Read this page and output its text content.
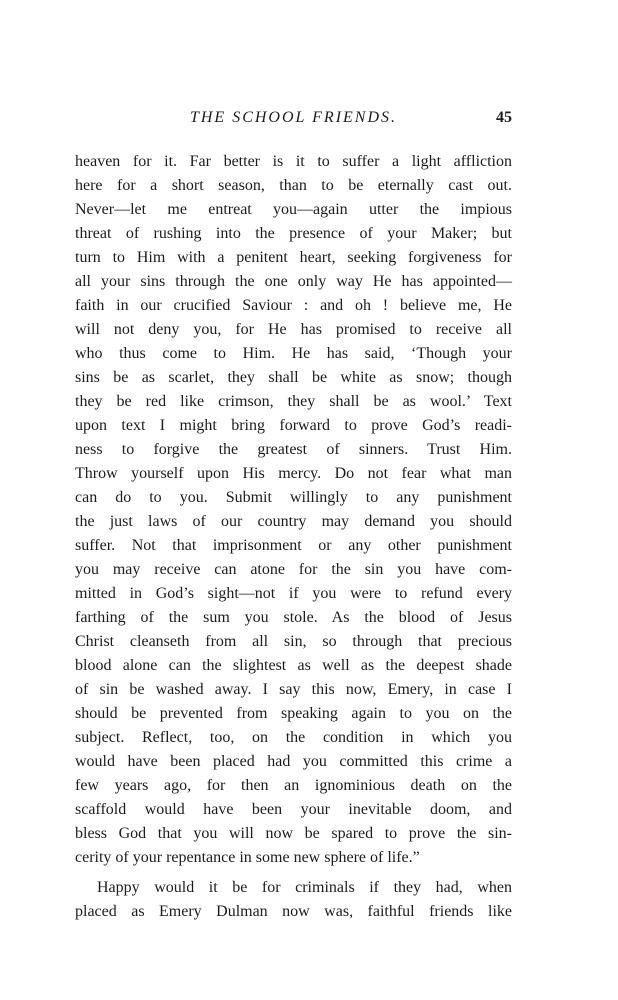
THE SCHOOL FRIENDS.	45
heaven for it. Far better is it to suffer a light affliction
here for a short season, than to be eternally cast out.
Never—let me entreat you—again utter the impious
threat of rushing into the presence of your Maker; but
turn to Him with a penitent heart, seeking forgiveness for
all your sins through the one only way He has appointed—
faith in our crucified Saviour : and oh ! believe me, He
will not deny you, for He has promised to receive all
who thus come to Him. He has said, ‘Though your
sins be as scarlet, they shall be white as snow; though
they be red like crimson, they shall be as wool.’ Text
upon text I might bring forward to prove God’s readi-
ness to forgive the greatest of sinners. Trust Him.
Throw yourself upon His mercy. Do not fear what man
can do to you. Submit willingly to any punishment
the just laws of our country may demand you should
suffer. Not that imprisonment or any other punishment
you may receive can atone for the sin you have com-
mitted in God’s sight—not if you were to refund every
farthing of the sum you stole. As the blood of Jesus
Christ cleanseth from all sin, so through that precious
blood alone can the slightest as well as the deepest shade
of sin be washed away. I say this now, Emery, in case I
should be prevented from speaking again to you on the
subject. Reflect, too, on the condition in which you
would have been placed had you committed this crime a
few years ago, for then an ignominious death on the
scaffold would have been your inevitable doom, and
bless God that you will now be spared to prove the sin-
cerity of your repentance in some new sphere of life.”
Happy would it be for criminals if they had, when
placed as Emery Dulman now was, faithful friends like
